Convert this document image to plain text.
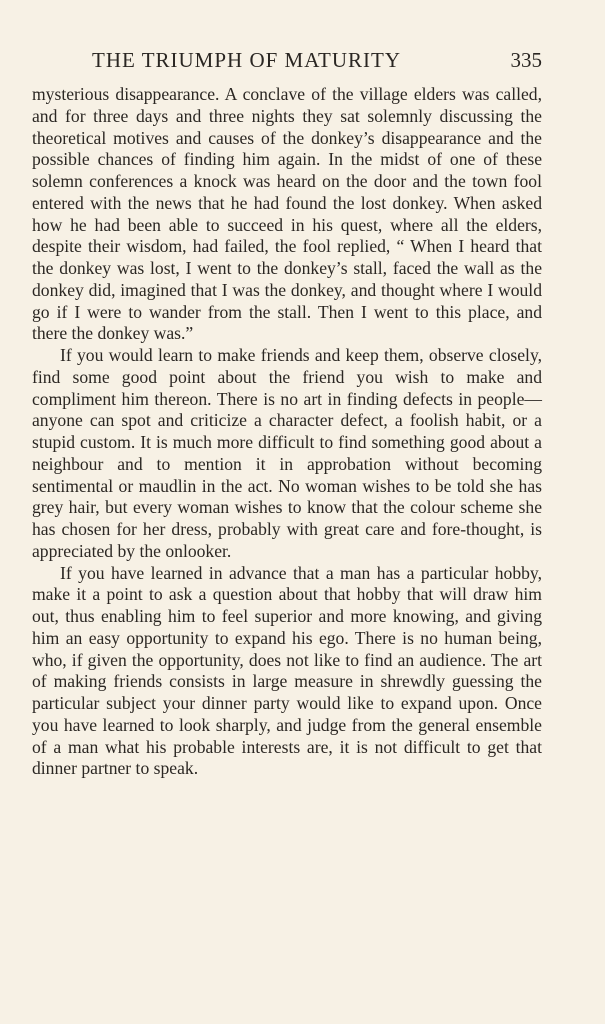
THE TRIUMPH OF MATURITY	335

mysterious disappearance. A conclave of the village elders was called, and for three days and three nights they sat solemnly discussing the theoretical motives and causes of the donkey’s disappearance and the possible chances of finding him again. In the midst of one of these solemn conferences a knock was heard on the door and the town fool entered with the news that he had found the lost donkey. When asked how he had been able to succeed in his quest, where all the elders, despite their wisdom, had failed, the fool replied, “ When I heard that the donkey was lost, I went to the donkey’s stall, faced the wall as the donkey did, imagined that I was the donkey, and thought where I would go if I were to wander from the stall. Then I went to this place, and there the donkey was.”

If you would learn to make friends and keep them, observe closely, find some good point about the friend you wish to make and compliment him thereon. There is no art in finding defects in people—anyone can spot and criticize a character defect, a foolish habit, or a stupid custom. It is much more difficult to find something good about a neighbour and to mention it in approbation without becoming sentimental or maudlin in the act. No woman wishes to be told she has grey hair, but every woman wishes to know that the colour scheme she has chosen for her dress, probably with great care and fore-thought, is appreciated by the onlooker.

If you have learned in advance that a man has a particular hobby, make it a point to ask a question about that hobby that will draw him out, thus enabling him to feel superior and more knowing, and giving him an easy opportunity to expand his ego. There is no human being, who, if given the opportunity, does not like to find an audience. The art of making friends consists in large measure in shrewdly guessing the particular subject your dinner party would like to expand upon. Once you have learned to look sharply, and judge from the general ensemble of a man what his probable interests are, it is not difficult to get that dinner partner to speak.
